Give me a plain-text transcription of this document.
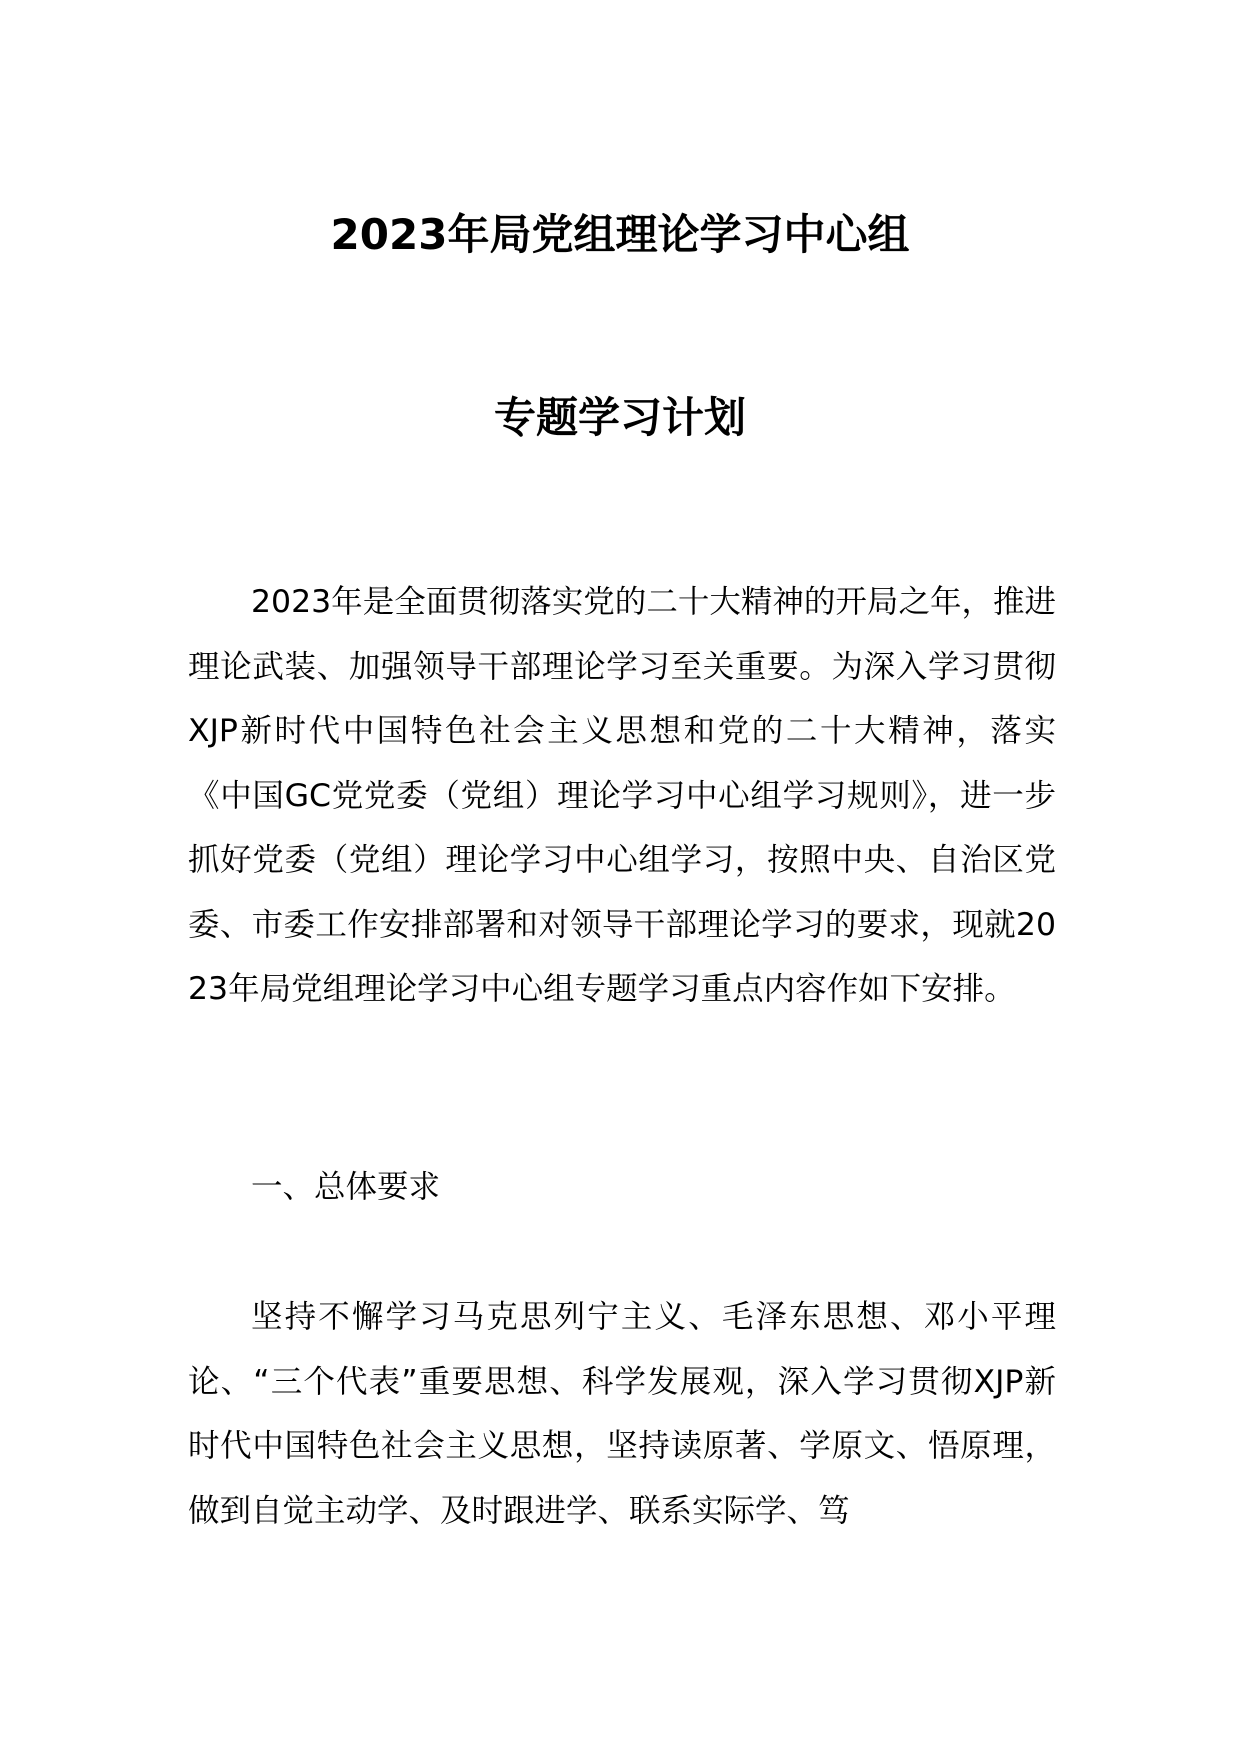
2023年局党组理论学习中心组
专题学习计划

2023年是全面贯彻落实党的二十大精神的开局之年，推进理论武装、加强领导干部理论学习至关重要。为深入学习贯彻XJP新时代中国特色社会主义思想和党的二十大精神，落实《中国GC党党委（党组）理论学习中心组学习规则》，进一步抓好党委（党组）理论学习中心组学习，按照中央、自治区党委、市委工作安排部署和对领导干部理论学习的要求，现就2023年局党组理论学习中心组专题学习重点内容作如下安排。

一、总体要求

坚持不懈学习马克思列宁主义、毛泽东思想、邓小平理论、“三个代表”重要思想、科学发展观，深入学习贯彻XJP新时代中国特色社会主义思想，坚持读原著、学原文、悟原理，做到自觉主动学、及时跟进学、联系实际学、笃
